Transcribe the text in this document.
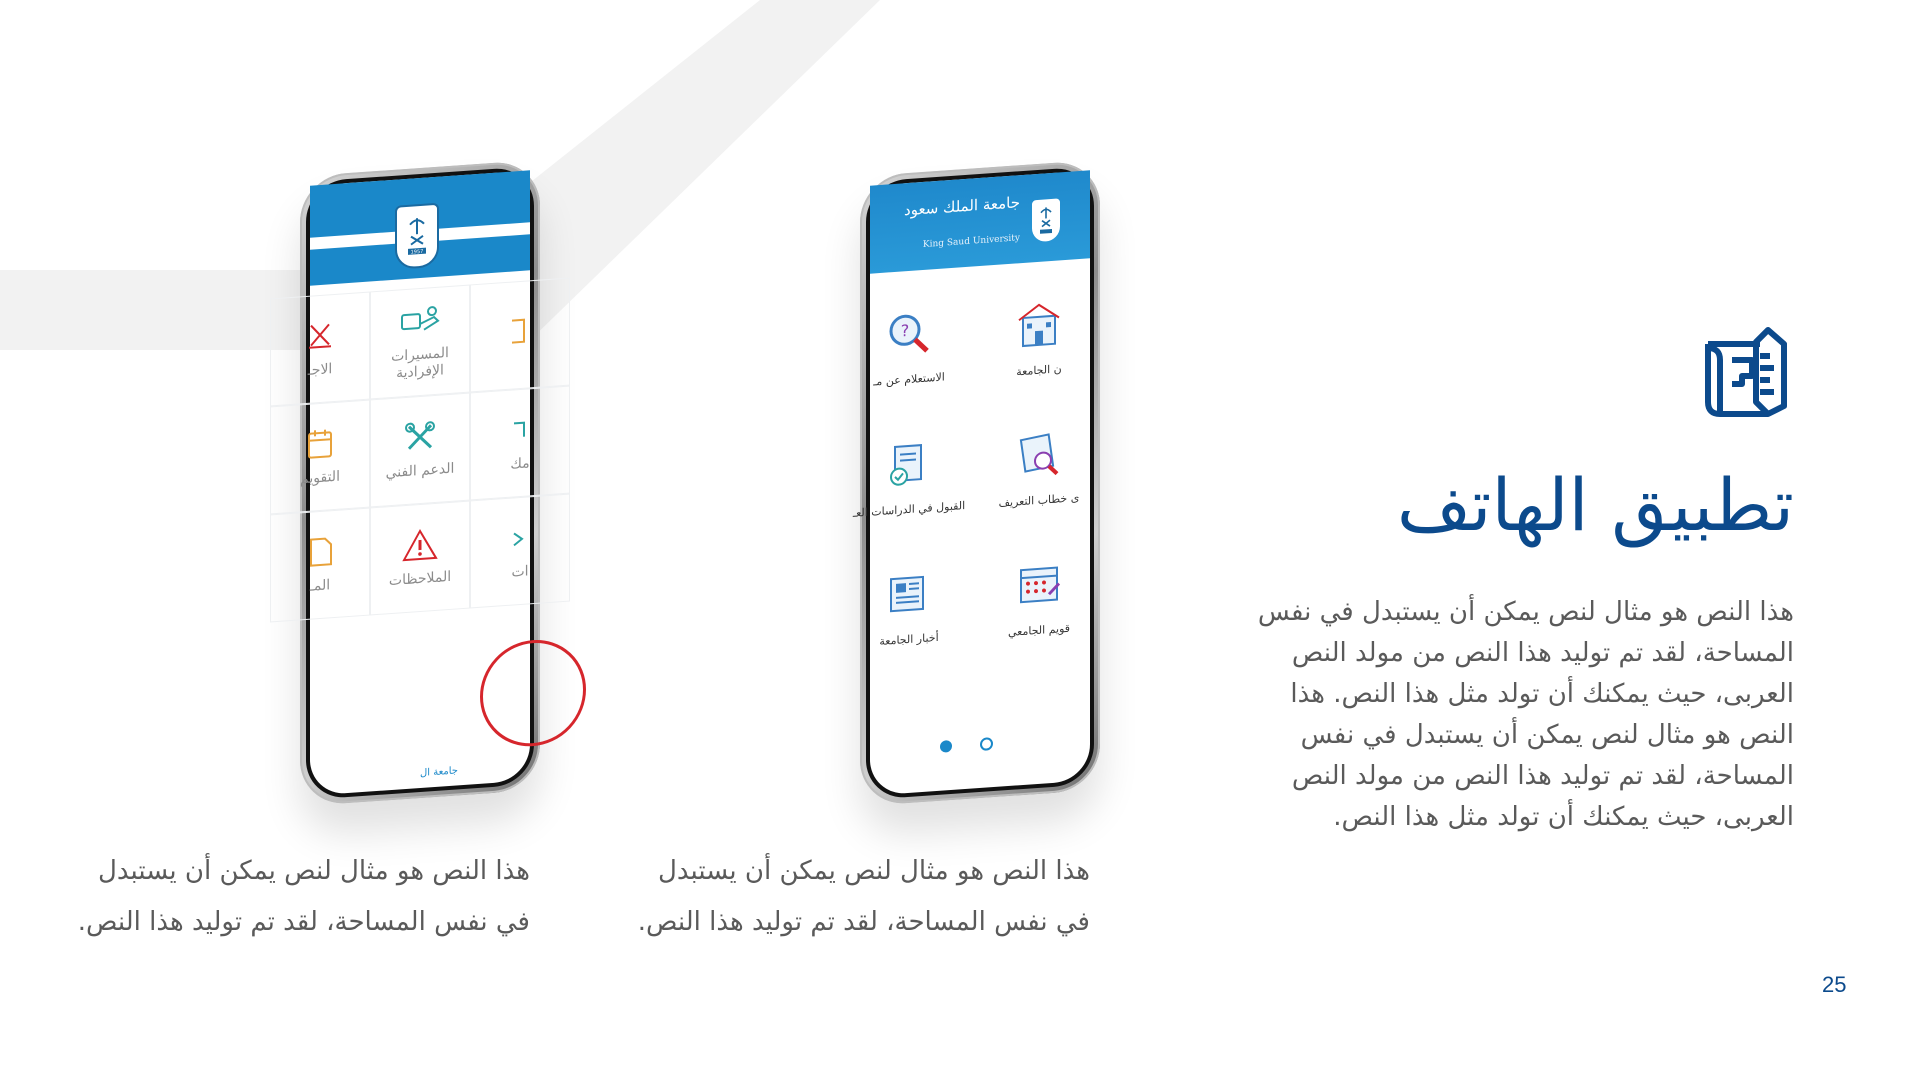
1957
الاجـ
المسيرات الإفرادية
التقويم	الدعم الفني	مك
المـ	الملاحظات	ات
جامعة ال
جامعة الملك سعود
King Saud University
?
الاستعلام عن مـ
ن الجامعة
القبول في الدراسات العـ	ى خطاب التعريف
أخبار الجامعة
قويم الجامعي
هذا النص هو مثال لنص يمكن أن يستبدل في نفس المساحة، لقد تم توليد هذا النص.
هذا النص هو مثال لنص يمكن أن يستبدل في نفس المساحة، لقد تم توليد هذا النص.
تطبيق الهاتف
هذا النص هو مثال لنص يمكن أن يستبدل في نفس المساحة، لقد تم توليد هذا النص من مولد النص العربى، حيث يمكنك أن تولد مثل هذا النص. هذا النص هو مثال لنص يمكن أن يستبدل في نفس المساحة، لقد تم توليد هذا النص من مولد النص العربى، حيث يمكنك أن تولد مثل هذا النص.
25
